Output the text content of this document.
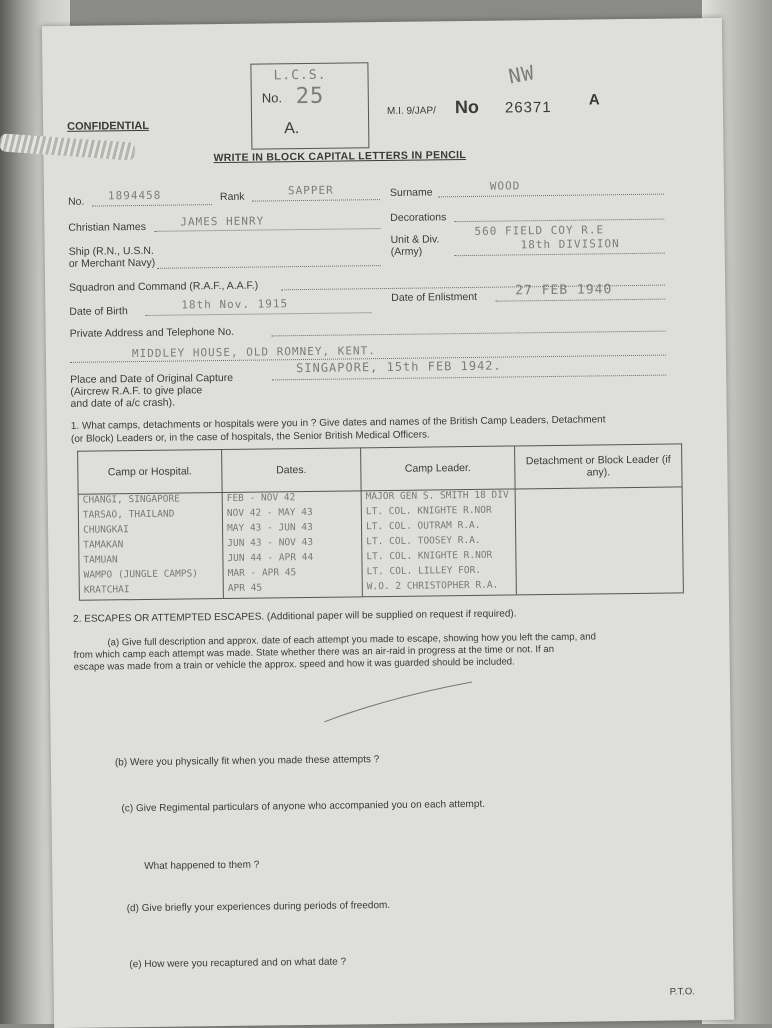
L.C.S.
No. 25
A.
CONFIDENTIAL
M.I. 9/JAP/ No 26371 A
NW
WRITE IN BLOCK CAPITAL LETTERS IN PENCIL
No. 1894458	Rank	SAPPER	Surname	WOOD
Christian Names	JAMES HENRY	Decorations
Ship (R.N., U.S.N.
or Merchant Navy)
Unit & Div.
(Army)
560 FIELD COY R.E
18th DIVISION
Squadron and Command (R.A.F., A.A.F.)
Date of Birth
18th Nov. 1915	Date of Enlistment	27 FEB 1940
Private Address and Telephone No.
MIDDLEY HOUSE, OLD ROMNEY, KENT.
Place and Date of Original Capture
(Aircrew R.A.F. to give place
and date of a/c crash).
SINGAPORE, 15th FEB 1942.
1. What camps, detachments or hospitals were you in ? Give dates and names of the British Camp Leaders, Detachment
(or Block) Leaders or, in the case of hospitals, the Senior British Medical Officers.
Camp or Hospital.	Dates.	Camp Leader.	Detachment or Block Leader (if any).
CHANGI, SINGAPORE	FEB - NOV 42	MAJOR GEN S. SMITH 18 DIV	
TARSAO, THAILAND	NOV 42 - MAY 43	LT. COL. KNIGHTE R.NOR	
CHUNGKAI	MAY 43 - JUN 43	LT. COL. OUTRAM R.A.	
TAMAKAN	JUN 43 - NOV 43	LT. COL. TOOSEY R.A.	
TAMUAN	JUN 44 - APR 44	LT. COL. KNIGHTE R.NOR	
WAMPO (JUNGLE CAMPS)	MAR - APR 45	LT. COL. LILLEY FOR.	
KRATCHAI	APR 45	W.O. 2 CHRISTOPHER R.A.	
2. ESCAPES OR ATTEMPTED ESCAPES. (Additional paper will be supplied on request if required).
(a) Give full description and approx. date of each attempt you made to escape, showing how you left the camp, and
from which camp each attempt was made. State whether there was an air-raid in progress at the time or not. If an
escape was made from a train or vehicle the approx. speed and how it was guarded should be included.
(b) Were you physically fit when you made these attempts ?
(c) Give Regimental particulars of anyone who accompanied you on each attempt.
What happened to them ?
(d) Give briefly your experiences during periods of freedom.
(e) How were you recaptured and on what date ?
P.T.O.
